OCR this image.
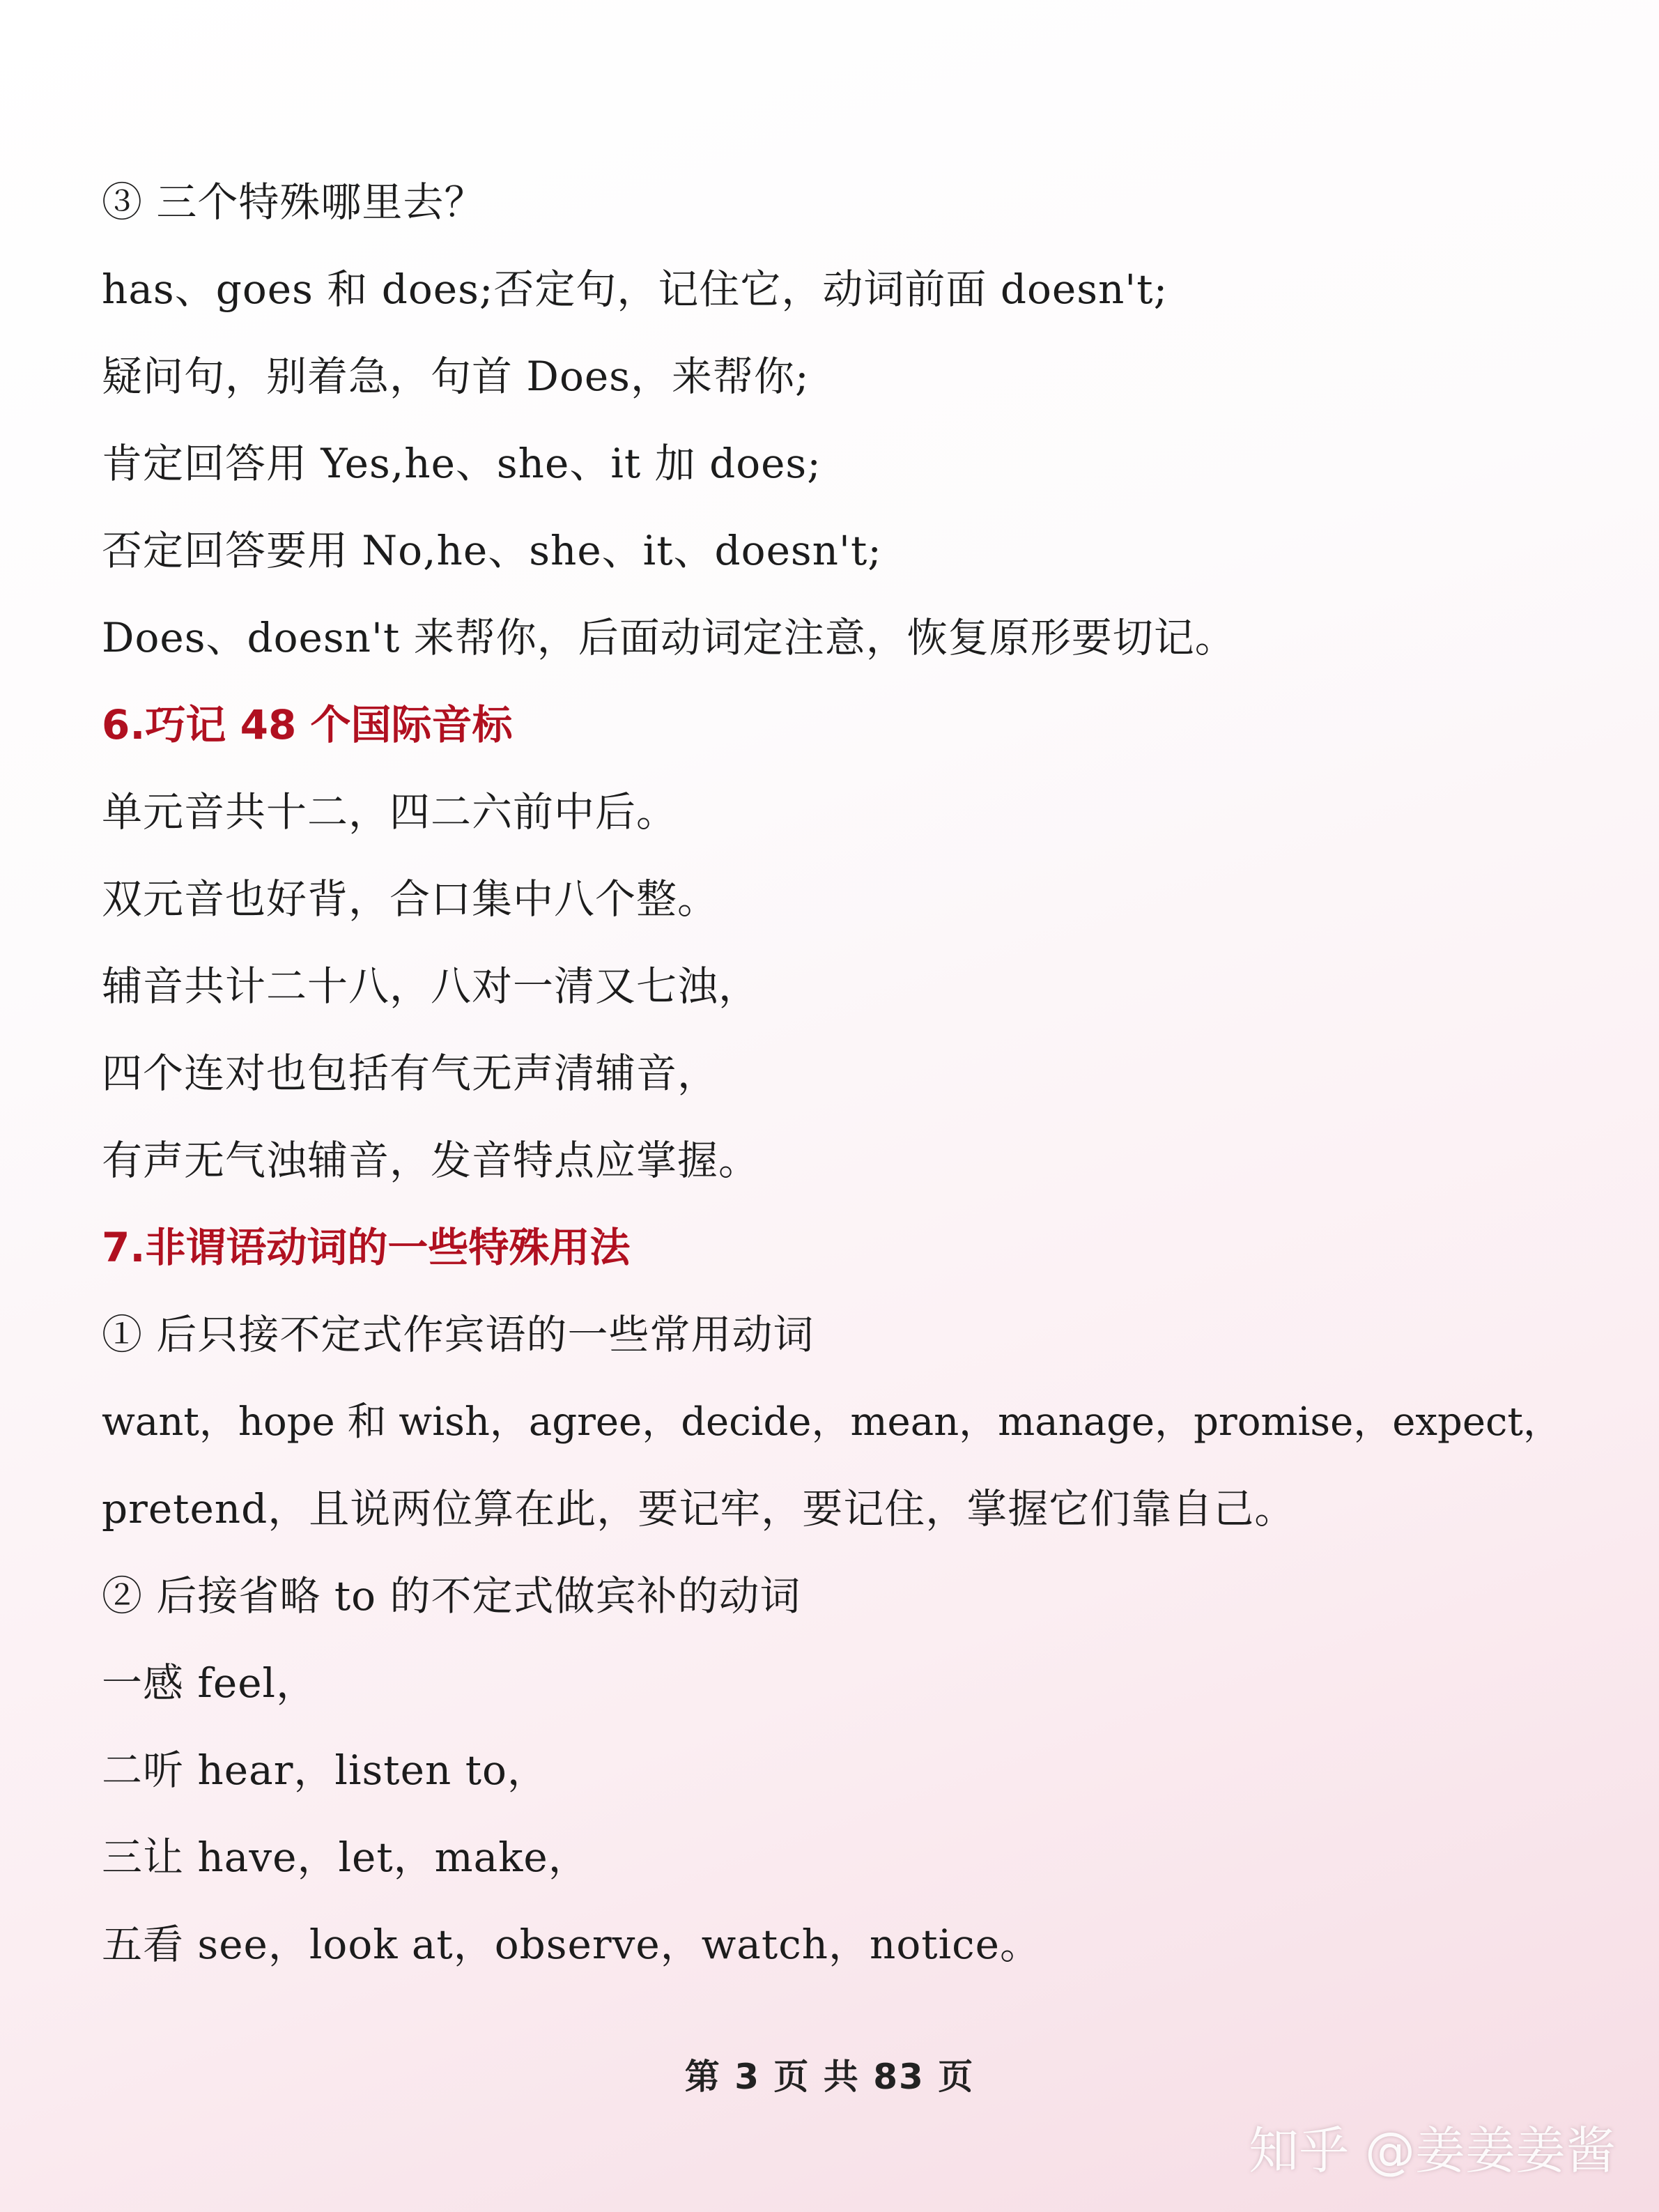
③ 三个特殊哪里去？
has、goes 和 does;否定句，记住它，动词前面 doesn't;
疑问句，别着急，句首 Does，来帮你;
肯定回答用 Yes,he、she、it 加 does;
否定回答要用 No,he、she、it、doesn't;
Does、doesn't 来帮你，后面动词定注意，恢复原形要切记。
6.巧记 48 个国际音标
单元音共十二，四二六前中后。
双元音也好背，合口集中八个整。
辅音共计二十八，八对一清又七浊，
四个连对也包括有气无声清辅音，
有声无气浊辅音，发音特点应掌握。
7.非谓语动词的一些特殊用法
① 后只接不定式作宾语的一些常用动词
want，hope 和 wish，agree，decide，mean，manage，promise，expect，
pretend，且说两位算在此，要记牢，要记住，掌握它们靠自己。
② 后接省略 to 的不定式做宾补的动词
一感 feel，
二听 hear，listen to，
三让 have，let，make，
五看 see，look at，observe，watch，notice。
第 3 页 共 83 页
知乎 @姜姜姜酱
